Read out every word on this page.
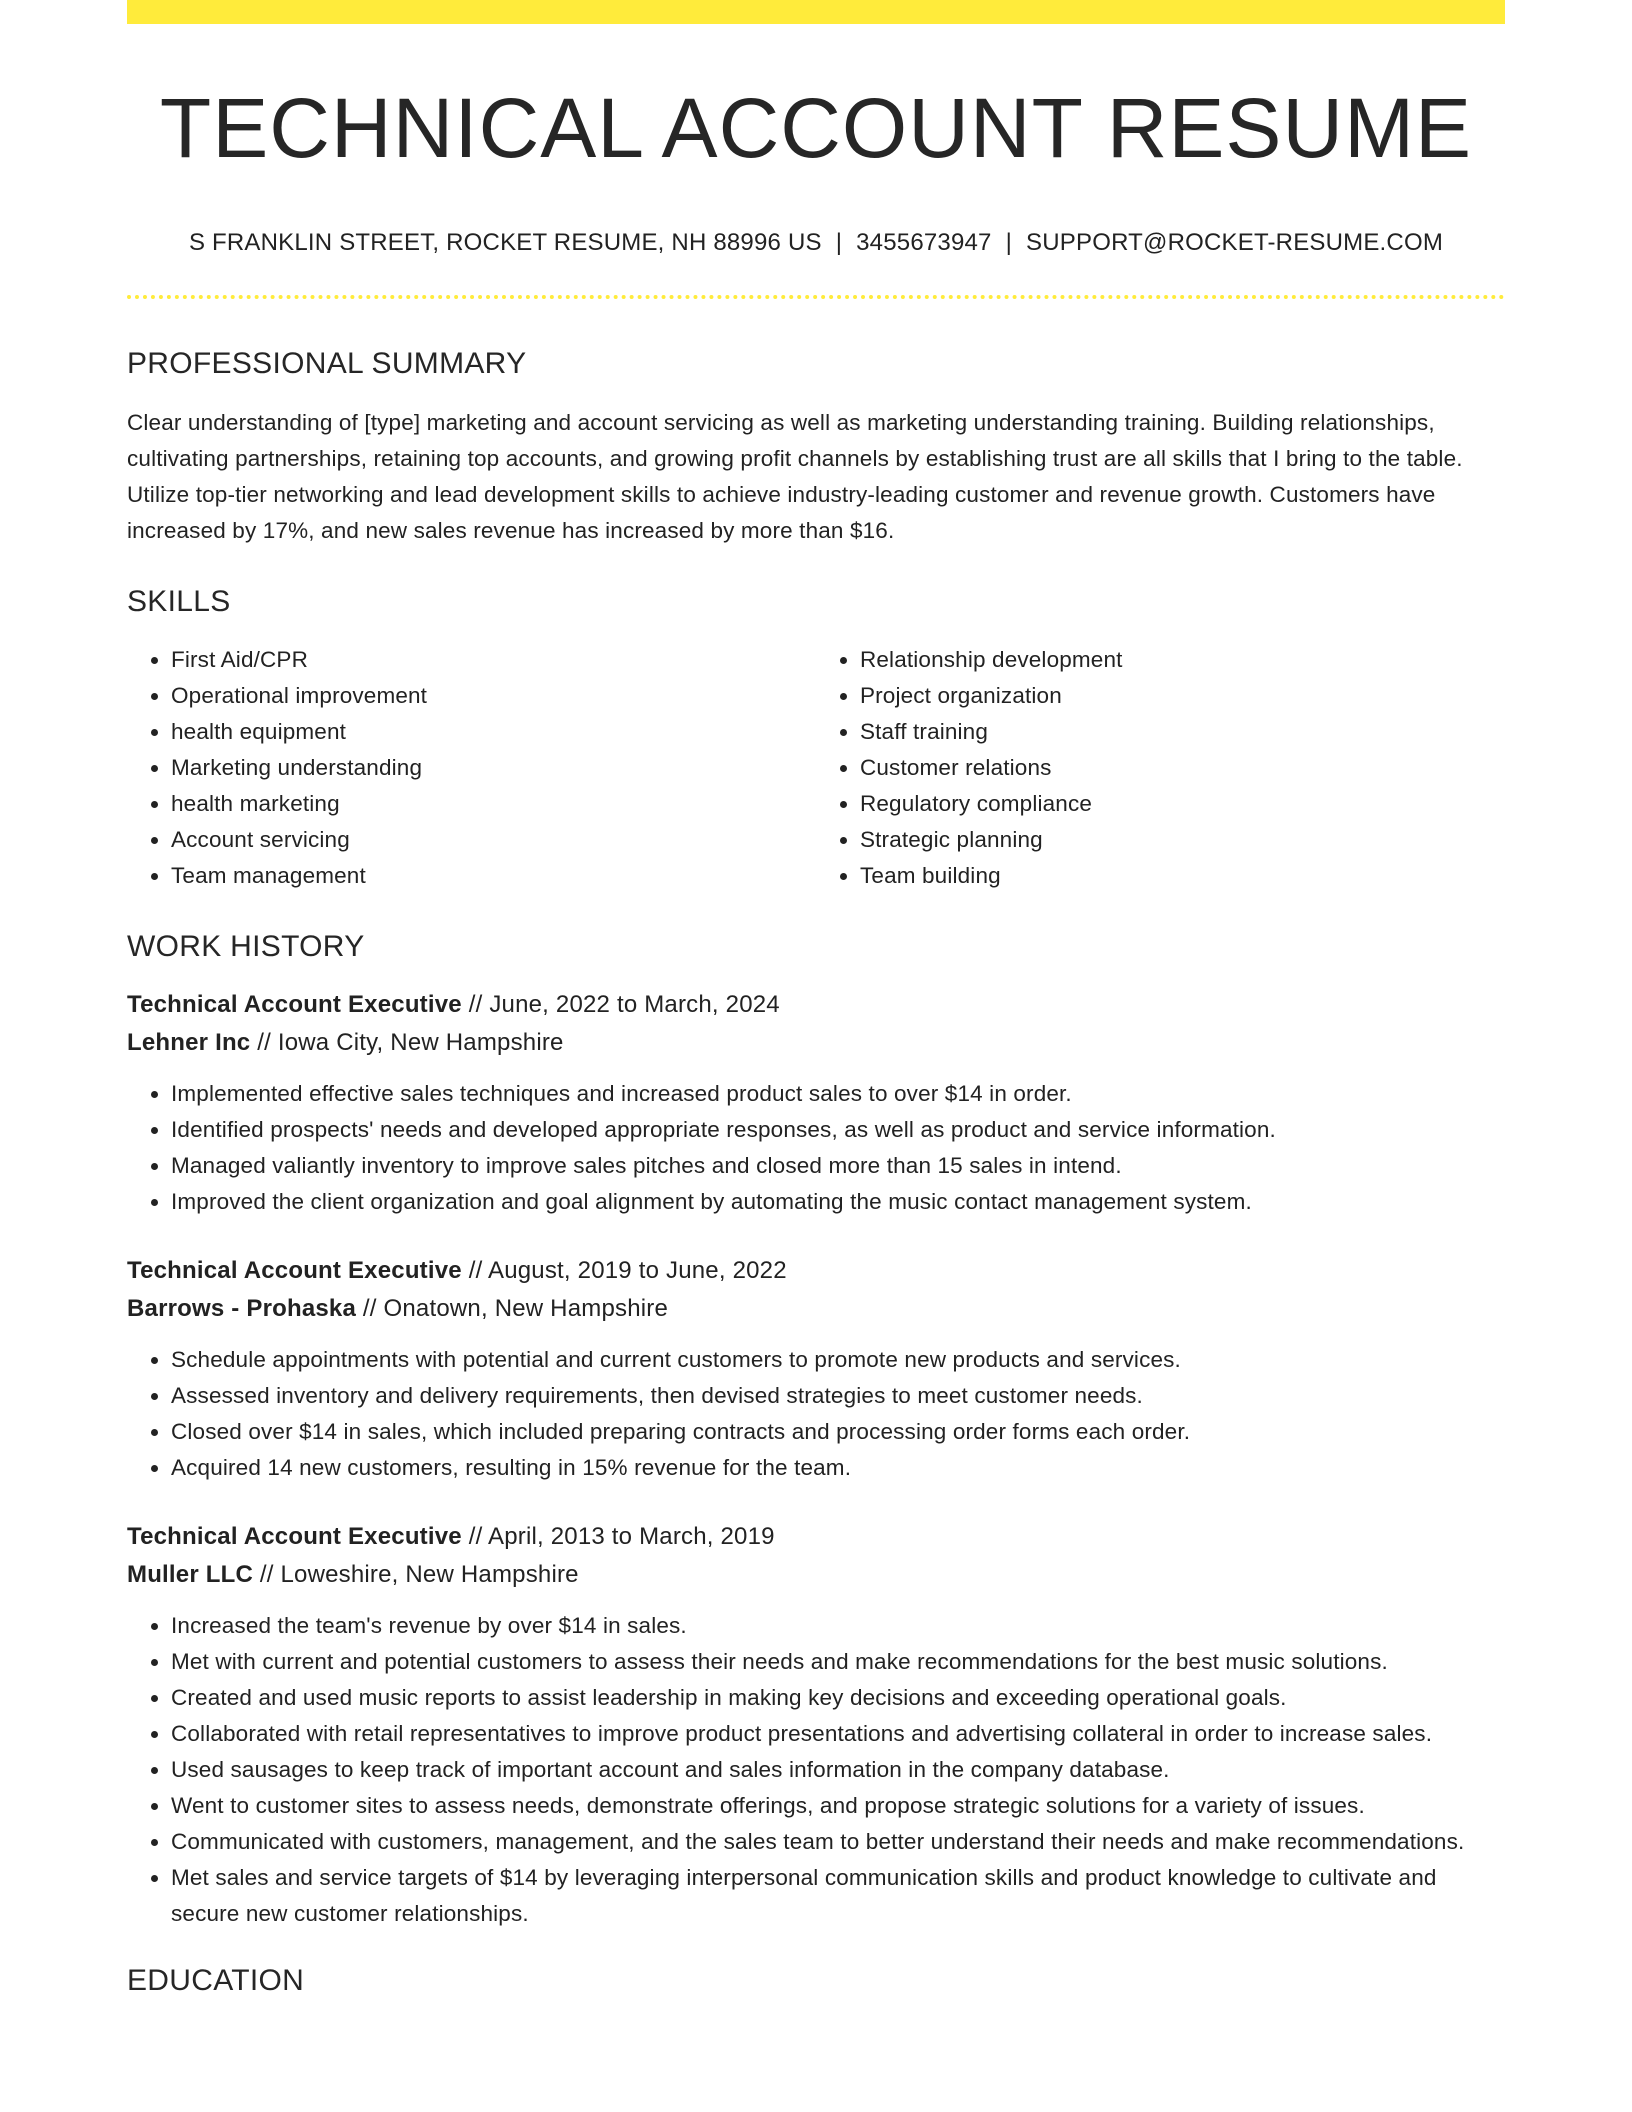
TECHNICAL ACCOUNT RESUME
S FRANKLIN STREET, ROCKET RESUME, NH 88996 US | 3455673947 | SUPPORT@ROCKET-RESUME.COM
PROFESSIONAL SUMMARY

Clear understanding of [type] marketing and account servicing as well as marketing understanding training. Building relationships, cultivating partnerships, retaining top accounts, and growing profit channels by establishing trust are all skills that I bring to the table. Utilize top-tier networking and lead development skills to achieve industry-leading customer and revenue growth. Customers have increased by 17%, and new sales revenue has increased by more than $16.

SKILLS
• First Aid/CPR
• Operational improvement
• health equipment
• Marketing understanding
• health marketing
• Account servicing
• Team management
• Relationship development
• Project organization
• Staff training
• Customer relations
• Regulatory compliance
• Strategic planning
• Team building
WORK HISTORY
Technical Account Executive // June, 2022 to March, 2024
Lehner Inc // Iowa City, New Hampshire
• Implemented effective sales techniques and increased product sales to over $14 in order.
• Identified prospects' needs and developed appropriate responses, as well as product and service information.
• Managed valiantly inventory to improve sales pitches and closed more than 15 sales in intend.
• Improved the client organization and goal alignment by automating the music contact management system.
Technical Account Executive // August, 2019 to June, 2022
Barrows - Prohaska // Onatown, New Hampshire
• Schedule appointments with potential and current customers to promote new products and services.
• Assessed inventory and delivery requirements, then devised strategies to meet customer needs.
• Closed over $14 in sales, which included preparing contracts and processing order forms each order.
• Acquired 14 new customers, resulting in 15% revenue for the team.
Technical Account Executive // April, 2013 to March, 2019
Muller LLC // Loweshire, New Hampshire
• Increased the team's revenue by over $14 in sales.
• Met with current and potential customers to assess their needs and make recommendations for the best music solutions.
• Created and used music reports to assist leadership in making key decisions and exceeding operational goals.
• Collaborated with retail representatives to improve product presentations and advertising collateral in order to increase sales.
• Used sausages to keep track of important account and sales information in the company database.
• Went to customer sites to assess needs, demonstrate offerings, and propose strategic solutions for a variety of issues.
• Communicated with customers, management, and the sales team to better understand their needs and make recommendations.
• Met sales and service targets of $14 by leveraging interpersonal communication skills and product knowledge to cultivate and secure new customer relationships.
EDUCATION
